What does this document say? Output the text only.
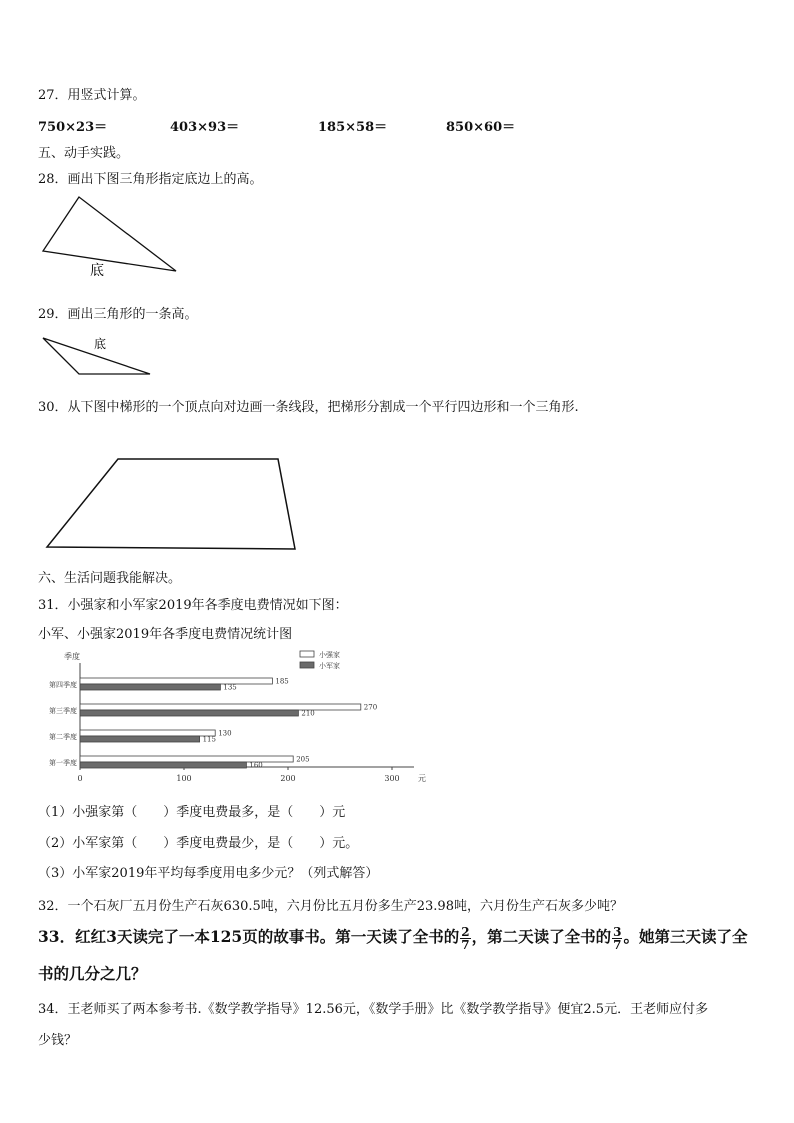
27．用竖式计算。
750×23＝	403×93＝	185×58＝	850×60＝
五、动手实践。
28．画出下图三角形指定底边上的高。
底
29．画出三角形的一条高。
底
30．从下图中梯形的一个顶点向对边画一条线段，把梯形分割成一个平行四边形和一个三角形.
六、生活问题我能解决。
31．小强家和小军家2019年各季度电费情况如下图：
小军、小强家2019年各季度电费情况统计图
季度
元
0	100	200	300
第四季度	185
135
第三季度	270
210
第二季度	130
115
第一季度	205
160
小强家
小军家
（1）小强家第（　　）季度电费最多，是（　　）元
（2）小军家第（　　）季度电费最少，是（　　）元。
（3）小军家2019年平均每季度用电多少元？（列式解答）
32．一个石灰厂五月份生产石灰630.5吨，六月份比五月份多生产23.98吨，六月份生产石灰多少吨？
33．红红3天读完了一本125页的故事书。第一天读了全书的 $\frac{2}{7}$ ，第二天读了全书的 $\frac{3}{7}$ 。她第三天读了全
书的几分之几？
34．王老师买了两本参考书.《数学教学指导》12.56元，《数学手册》比《数学教学指导》便宜2.5元．王老师应付多
少钱？
